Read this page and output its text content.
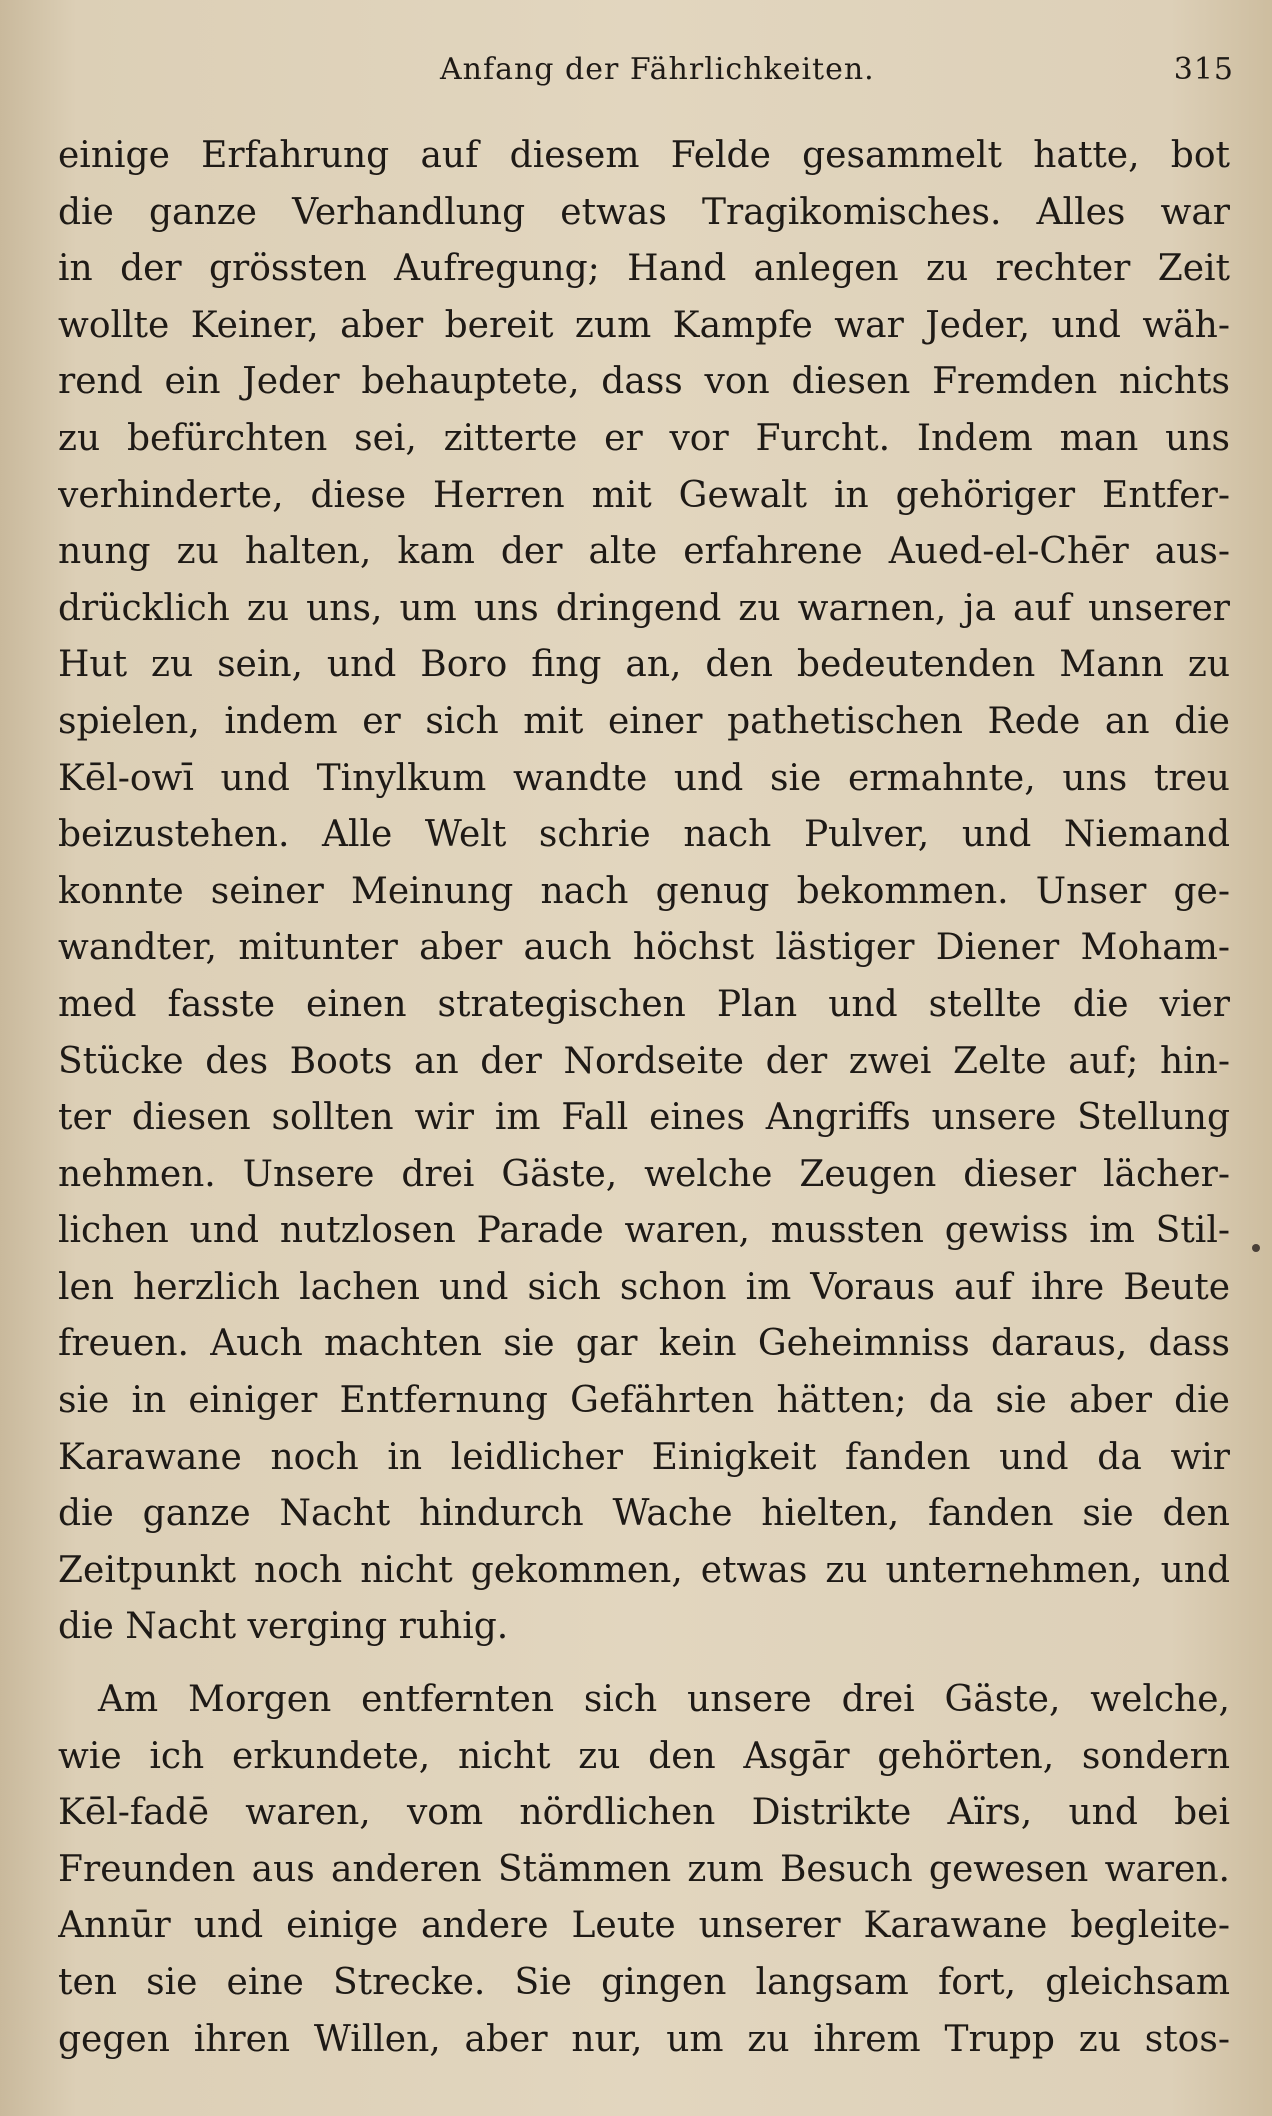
Anfang der Fährlichkeiten.	315
einige Erfahrung auf diesem Felde gesammelt hatte, bot
die ganze Verhandlung etwas Tragikomisches. Alles war
in der grössten Aufregung; Hand anlegen zu rechter Zeit
wollte Keiner, aber bereit zum Kampfe war Jeder, und wäh-
rend ein Jeder behauptete, dass von diesen Fremden nichts
zu befürchten sei, zitterte er vor Furcht. Indem man uns
verhinderte, diese Herren mit Gewalt in gehöriger Entfer-
nung zu halten, kam der alte erfahrene Aued-el-Chēr aus-
drücklich zu uns, um uns dringend zu warnen, ja auf unserer
Hut zu sein, und Boro fing an, den bedeutenden Mann zu
spielen, indem er sich mit einer pathetischen Rede an die
Kēl-owī und Tinylkum wandte und sie ermahnte, uns treu
beizustehen. Alle Welt schrie nach Pulver, und Niemand
konnte seiner Meinung nach genug bekommen. Unser ge-
wandter, mitunter aber auch höchst lästiger Diener Moham-
med fasste einen strategischen Plan und stellte die vier
Stücke des Boots an der Nordseite der zwei Zelte auf; hin-
ter diesen sollten wir im Fall eines Angriffs unsere Stellung
nehmen. Unsere drei Gäste, welche Zeugen dieser lächer-
lichen und nutzlosen Parade waren, mussten gewiss im Stil-
len herzlich lachen und sich schon im Voraus auf ihre Beute
freuen. Auch machten sie gar kein Geheimniss daraus, dass
sie in einiger Entfernung Gefährten hätten; da sie aber die
Karawane noch in leidlicher Einigkeit fanden und da wir
die ganze Nacht hindurch Wache hielten, fanden sie den
Zeitpunkt noch nicht gekommen, etwas zu unternehmen, und
die Nacht verging ruhig.
Am Morgen entfernten sich unsere drei Gäste, welche,
wie ich erkundete, nicht zu den Asgār gehörten, sondern
Kēl-fadē waren, vom nördlichen Distrikte Aïrs, und bei
Freunden aus anderen Stämmen zum Besuch gewesen waren.
Annūr und einige andere Leute unserer Karawane begleite-
ten sie eine Strecke. Sie gingen langsam fort, gleichsam
gegen ihren Willen, aber nur, um zu ihrem Trupp zu stos-
